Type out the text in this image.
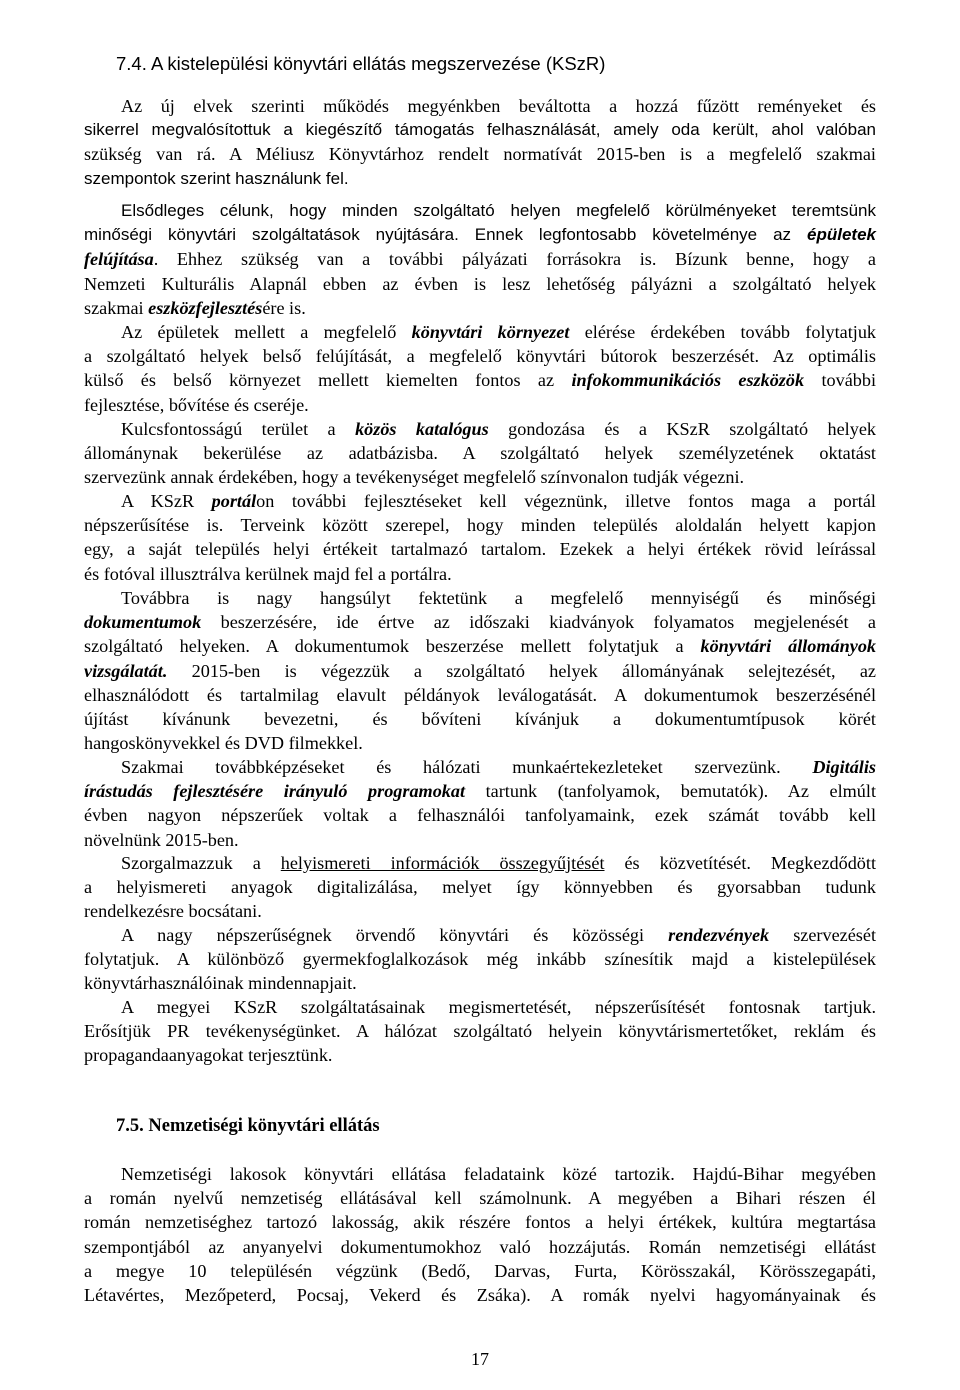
7.4. A kistelepülési könyvtári ellátás megszervezése (KSzR)
Az új elvek szerinti működés megyénkben beváltotta a hozzá fűzött reményeket és
sikerrel megvalósítottuk a kiegészítő támogatás felhasználását, amely oda került, ahol valóban
szükség van rá. A Méliusz Könyvtárhoz rendelt normatívát 2015-ben is a megfelelő szakmai
szempontok szerint használunk fel.
Elsődleges célunk, hogy minden szolgáltató helyen megfelelő körülményeket teremtsünk
minőségi könyvtári szolgáltatások nyújtására. Ennek legfontosabb követelménye az épületek
felújítása. Ehhez szükség van a további pályázati forrásokra is. Bízunk benne, hogy a
Nemzeti Kulturális Alapnál ebben az évben is lesz lehetőség pályázni a szolgáltató helyek
szakmai eszközfejlesztésére is.
Az épületek mellett a megfelelő könyvtári környezet elérése érdekében tovább folytatjuk
a szolgáltató helyek belső felújítását, a megfelelő könyvtári bútorok beszerzését. Az optimális
külső és belső környezet mellett kiemelten fontos az infokommunikációs eszközök további
fejlesztése, bővítése és cseréje.
Kulcsfontosságú terület a közös katalógus gondozása és a KSzR szolgáltató helyek
állománynak bekerülése az adatbázisba. A szolgáltató helyek személyzetének oktatást
szervezünk annak érdekében, hogy a tevékenységet megfelelő színvonalon tudják végezni.
A KSzR portálon további fejlesztéseket kell végeznünk, illetve fontos maga a portál
népszerűsítése is. Terveink között szerepel, hogy minden település aloldalán helyett kapjon
egy, a saját település helyi értékeit tartalmazó tartalom. Ezekek a helyi értékek rövid leírással
és fotóval illusztrálva kerülnek majd fel a portálra.
Továbbra is nagy hangsúlyt fektetünk a megfelelő mennyiségű és minőségi
dokumentumok beszerzésére, ide értve az időszaki kiadványok folyamatos megjelenését a
szolgáltató helyeken. A dokumentumok beszerzése mellett folytatjuk a könyvtári állományok
vizsgálatát. 2015-ben is végezzük a szolgáltató helyek állományának selejtezését, az
elhasználódott és tartalmilag elavult példányok leválogatását. A dokumentumok beszerzésénél
újítást kívánunk bevezetni, és bővíteni kívánjuk a dokumentumtípusok körét
hangoskönyvekkel és DVD filmekkel.
Szakmai továbbképzéseket és hálózati munkaértekezleteket szervezünk. Digitális
írástudás fejlesztésére irányuló programokat tartunk (tanfolyamok, bemutatók). Az elmúlt
évben nagyon népszerűek voltak a felhasználói tanfolyamaink, ezek számát tovább kell
növelnünk 2015-ben.
Szorgalmazzuk a helyismereti információk összegyűjtését és közvetítését. Megkezdődött
a helyismereti anyagok digitalizálása, melyet így könnyebben és gyorsabban tudunk
rendelkezésre bocsátani.
A nagy népszerűségnek örvendő könyvtári és közösségi rendezvények szervezését
folytatjuk. A különböző gyermekfoglalkozások még inkább színesítik majd a kistelepülések
könyvtárhasználóinak mindennapjait.
A megyei KSzR szolgáltatásainak megismertetését, népszerűsítését fontosnak tartjuk.
Erősítjük PR tevékenységünket. A hálózat szolgáltató helyein könyvtárismertetőket, reklám és
propagandaanyagokat terjesztünk.
7.5. Nemzetiségi könyvtári ellátás
Nemzetiségi lakosok könyvtári ellátása feladataink közé tartozik. Hajdú-Bihar megyében
a román nyelvű nemzetiség ellátásával kell számolnunk. A megyében a Bihari részen él
román nemzetiséghez tartozó lakosság, akik részére fontos a helyi értékek, kultúra megtartása
szempontjából az anyanyelvi dokumentumokhoz való hozzájutás. Román nemzetiségi ellátást
a megye 10 településén végzünk (Bedő, Darvas, Furta, Körösszakál, Körösszegapáti,
Létavértes, Mezőpeterd, Pocsaj, Vekerd és Zsáka). A romák nyelvi hagyományainak és
17
